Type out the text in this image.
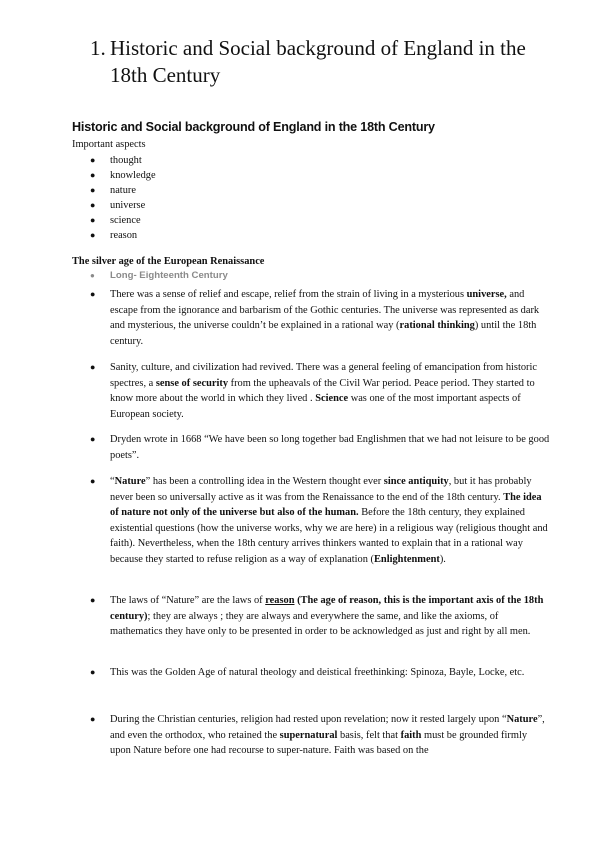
1. Historic and Social background of England in the 18th Century
Historic and Social background of England in the 18th Century
Important aspects
● thought
● knowledge
● nature
● universe
● science
● reason
The silver age of the European Renaissance
● Long- Eighteenth Century

● There was a sense of relief and escape, relief from the strain of living in a mysterious universe, and escape from the ignorance and barbarism of the Gothic centuries. The universe was represented as dark and mysterious, the universe couldn’t be explained in a rational way (rational thinking) until the 18th century.

● Sanity, culture, and civilization had revived. There was a general feeling of emancipation from historic spectres, a sense of security from the upheavals of the Civil War period. Peace period. They started to know more about the world in which they lived . Science was one of the most important aspects of European society.

● Dryden wrote in 1668 “We have been so long together bad Englishmen that we had not leisure to be good poets”.

● “Nature” has been a controlling idea in the Western thought ever since antiquity, but it has probably never been so universally active as it was from the Renaissance to the end of the 18th century. The idea of nature not only of the universe but also of the human. Before the 18th century, they explained existential questions (how the universe works, why we are here) in a religious way (religious thought and faith). Nevertheless, when the 18th century arrives thinkers wanted to explain that in a rational way because they started to refuse religion as a way of explanation (Enlightenment).

● The laws of “Nature” are the laws of reason (The age of reason, this is the important axis of the 18th century); they are always ; they are always and everywhere the same, and like the axioms, of mathematics they have only to be presented in order to be acknowledged as just and right by all men.

● This was the Golden Age of natural theology and deistical freethinking: Spinoza, Bayle, Locke, etc.

● During the Christian centuries, religion had rested upon revelation; now it rested largely upon “Nature”, and even the orthodox, who retained the supernatural basis, felt that faith must be grounded firmly upon Nature before one had recourse to super-nature. Faith was based on the
